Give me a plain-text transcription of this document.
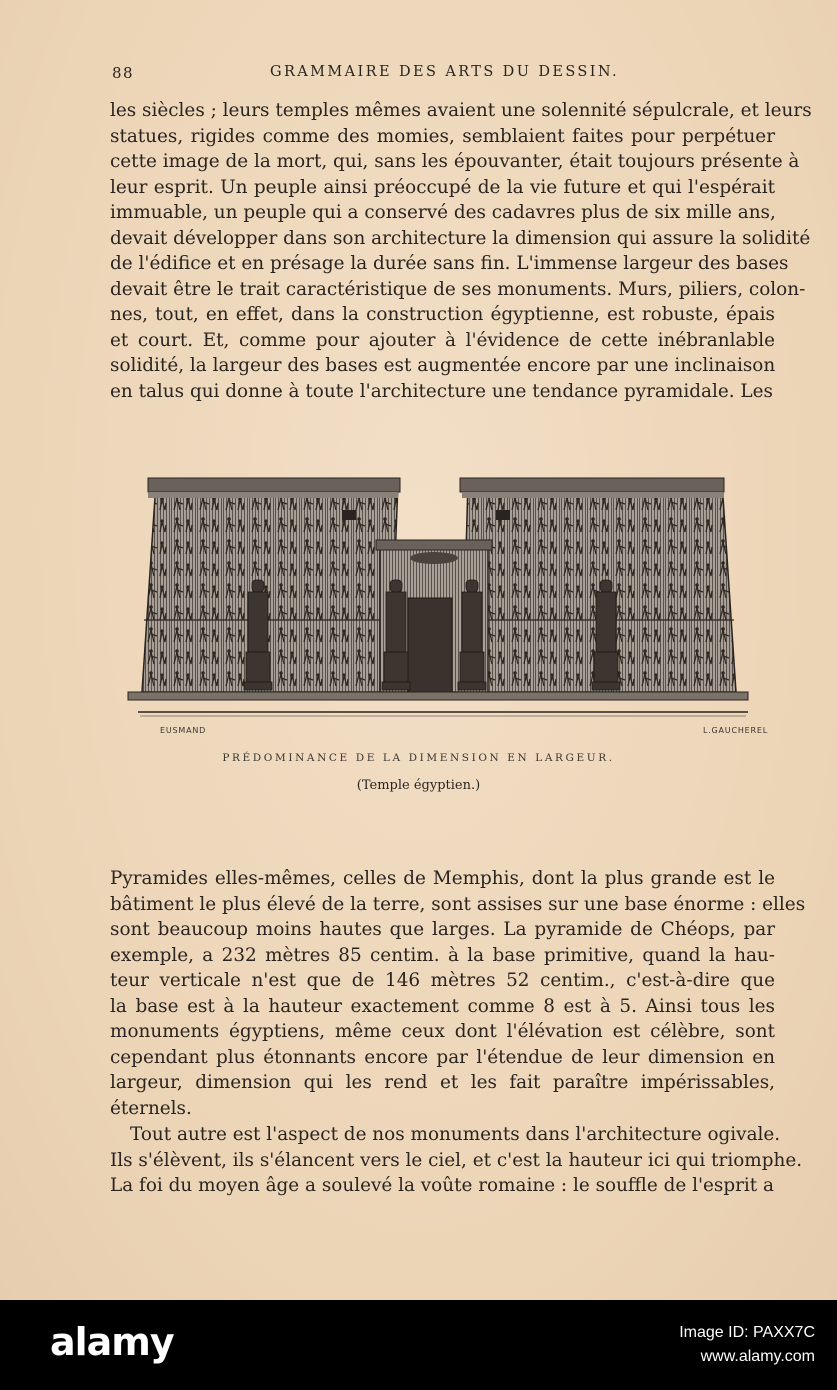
88	GRAMMAIRE DES ARTS DU DESSIN.
les siècles ; leurs temples mêmes avaient une solennité sépulcrale, et leurs
statues, rigides comme des momies, semblaient faites pour perpétuer
cette image de la mort, qui, sans les épouvanter, était toujours présente à
leur esprit. Un peuple ainsi préoccupé de la vie future et qui l'espérait
immuable, un peuple qui a conservé des cadavres plus de six mille ans,
devait développer dans son architecture la dimension qui assure la solidité
de l'édifice et en présage la durée sans fin. L'immense largeur des bases
devait être le trait caractéristique de ses monuments. Murs, piliers, colon-
nes, tout, en effet, dans la construction égyptienne, est robuste, épais
et court. Et, comme pour ajouter à l'évidence de cette inébranlable
solidité, la largeur des bases est augmentée encore par une inclinaison
en talus qui donne à toute l'architecture une tendance pyramidale. Les
EUSMAND	L.GAUCHEREL
PRÉDOMINANCE DE LA DIMENSION EN LARGEUR.
(Temple égyptien.)
Pyramides elles-mêmes, celles de Memphis, dont la plus grande est le
bâtiment le plus élevé de la terre, sont assises sur une base énorme : elles
sont beaucoup moins hautes que larges. La pyramide de Chéops, par
exemple, a 232 mètres 85 centim. à la base primitive, quand la hau-
teur verticale n'est que de 146 mètres 52 centim., c'est-à-dire que
la base est à la hauteur exactement comme 8 est à 5. Ainsi tous les
monuments égyptiens, même ceux dont l'élévation est célèbre, sont
cependant plus étonnants encore par l'étendue de leur dimension en
largeur, dimension qui les rend et les fait paraître impérissables,
éternels.
Tout autre est l'aspect de nos monuments dans l'architecture ogivale.
Ils s'élèvent, ils s'élancent vers le ciel, et c'est la hauteur ici qui triomphe.
La foi du moyen âge a soulevé la voûte romaine : le souffle de l'esprit a
alamy	Image ID: PAXX7C
www.alamy.com
